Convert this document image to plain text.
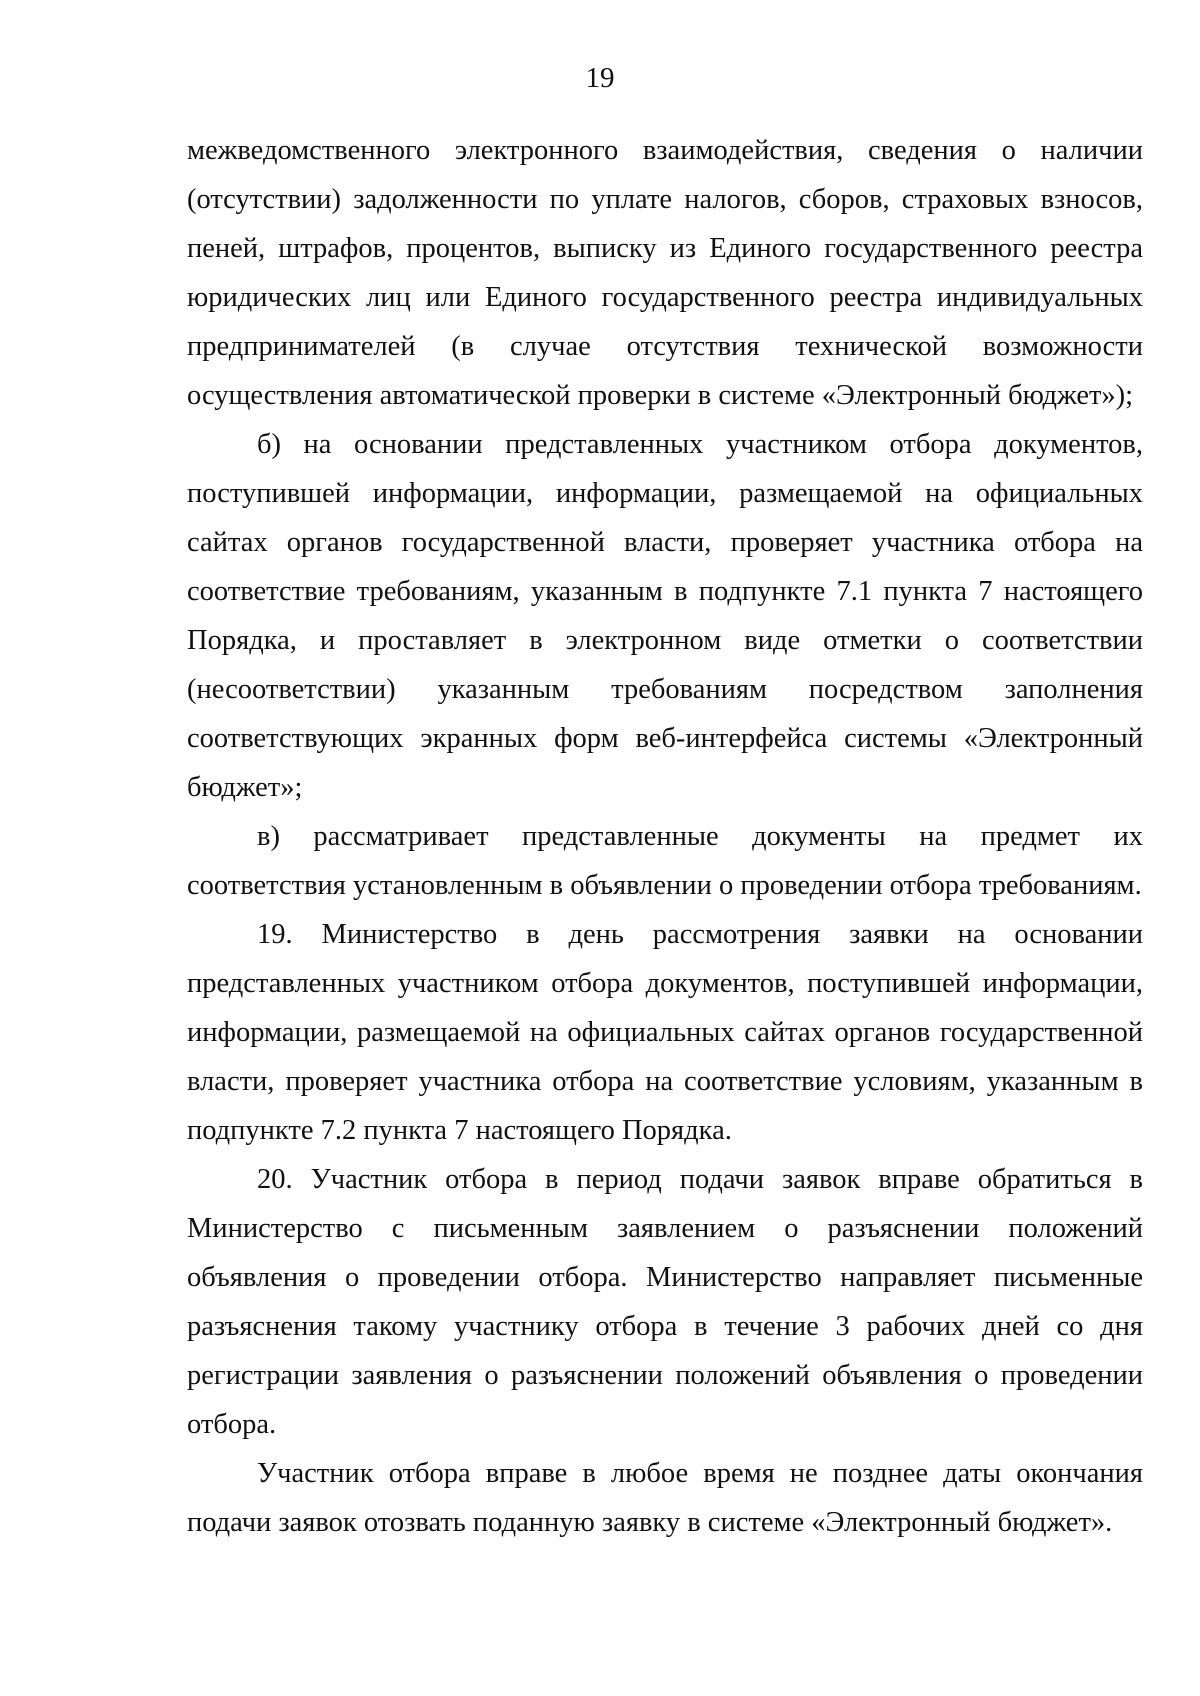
19

межведомственного электронного взаимодействия, сведения о наличии (отсутствии) задолженности по уплате налогов, сборов, страховых взносов, пеней, штрафов, процентов, выписку из Единого государственного реестра юридических лиц или Единого государственного реестра индивидуальных предпринимателей (в случае отсутствия технической возможности осуществления автоматической проверки в системе «Электронный бюджет»);

б) на основании представленных участником отбора документов, поступившей информации, информации, размещаемой на официальных сайтах органов государственной власти, проверяет участника отбора на соответствие требованиям, указанным в подпункте 7.1 пункта 7 настоящего Порядка, и проставляет в электронном виде отметки о соответствии (несоответствии) указанным требованиям посредством заполнения соответствующих экранных форм веб-интерфейса системы «Электронный бюджет»;

в) рассматривает представленные документы на предмет их соответствия установленным в объявлении о проведении отбора требованиям.

19. Министерство в день рассмотрения заявки на основании представленных участником отбора документов, поступившей информации, информации, размещаемой на официальных сайтах органов государственной власти, проверяет участника отбора на соответствие условиям, указанным в подпункте 7.2 пункта 7 настоящего Порядка.

20. Участник отбора в период подачи заявок вправе обратиться в Министерство с письменным заявлением о разъяснении положений объявления о проведении отбора. Министерство направляет письменные разъяснения такому участнику отбора в течение 3 рабочих дней со дня регистрации заявления о разъяснении положений объявления о проведении отбора.

Участник отбора вправе в любое время не позднее даты окончания подачи заявок отозвать поданную заявку в системе «Электронный бюджет».
